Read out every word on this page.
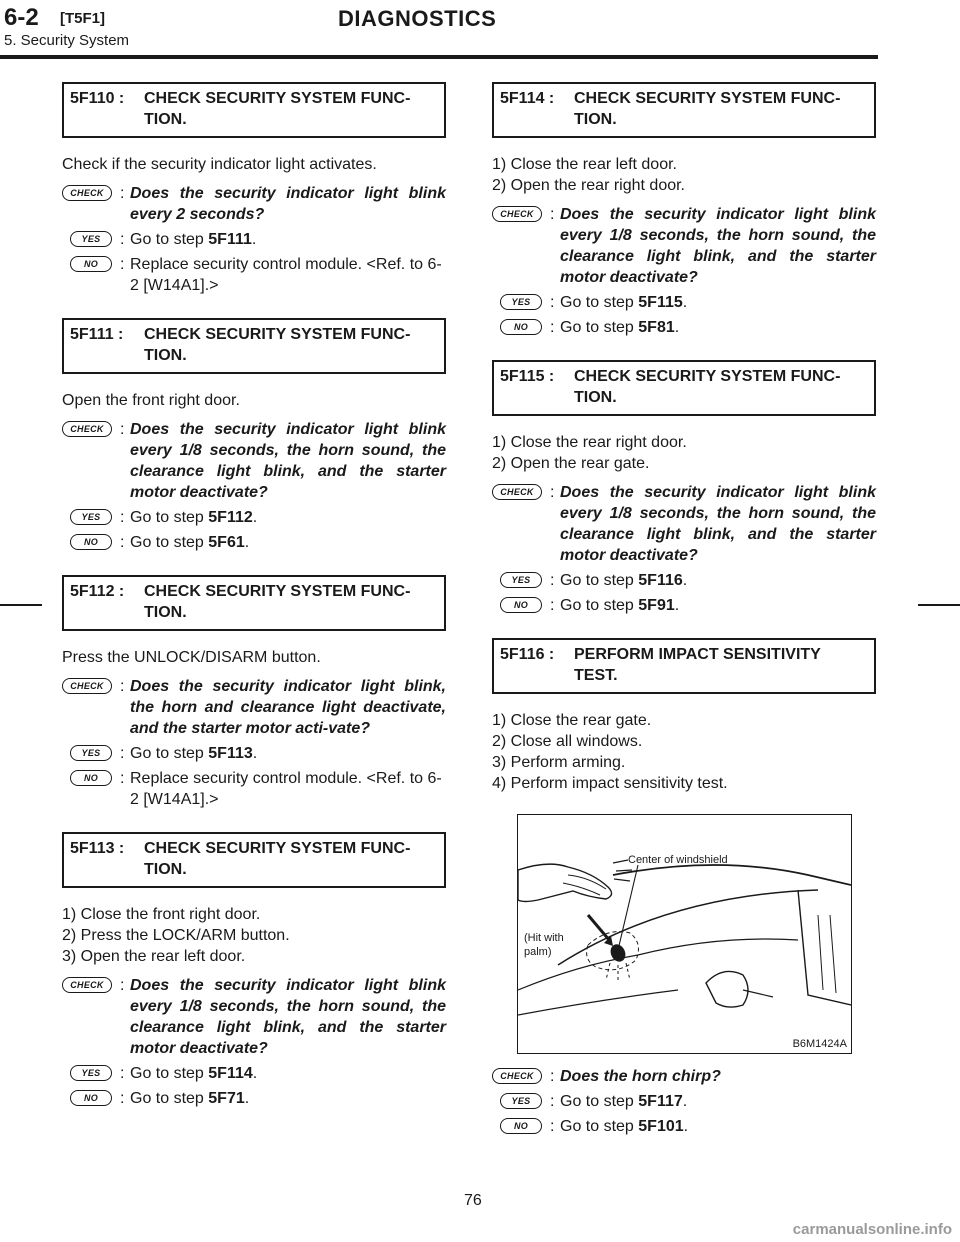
6-2 [T5F1]	DIAGNOSTICS
5. Security System
5F110 :	CHECK SECURITY SYSTEM FUNC-TION.

Check if the security indicator light activates.

CHECK	: Does the security indicator light blink every 2 seconds?
YES	: Go to step 5F111.
NO	: Replace security control module. <Ref. to 6-2 [W14A1].>
5F111 :	CHECK SECURITY SYSTEM FUNC-TION.

Open the front right door.

CHECK	: Does the security indicator light blink every 1/8 seconds, the horn sound, the clearance light blink, and the starter motor deactivate?
YES	: Go to step 5F112.
NO	: Go to step 5F61.
5F112 :	CHECK SECURITY SYSTEM FUNC-TION.

Press the UNLOCK/DISARM button.

CHECK	: Does the security indicator light blink, the horn and clearance light deactivate, and the starter motor acti-vate?
YES	: Go to step 5F113.
NO	: Replace security control module. <Ref. to 6-2 [W14A1].>
5F113 :	CHECK SECURITY SYSTEM FUNC-TION.

1) Close the front right door.

2) Press the LOCK/ARM button.

3) Open the rear left door.

CHECK	: Does the security indicator light blink every 1/8 seconds, the horn sound, the clearance light blink, and the starter motor deactivate?
YES	: Go to step 5F114.
NO	: Go to step 5F71.
5F114 :	CHECK SECURITY SYSTEM FUNC-TION.

1) Close the rear left door.

2) Open the rear right door.

CHECK	: Does the security indicator light blink every 1/8 seconds, the horn sound, the clearance light blink, and the starter motor deactivate?
YES	: Go to step 5F115.
NO	: Go to step 5F81.
5F115 :	CHECK SECURITY SYSTEM FUNC-TION.

1) Close the rear right door.

2) Open the rear gate.

CHECK	: Does the security indicator light blink every 1/8 seconds, the horn sound, the clearance light blink, and the starter motor deactivate?
YES	: Go to step 5F116.
NO	: Go to step 5F91.
5F116 :	PERFORM IMPACT SENSITIVITY TEST.

1) Close the rear gate.

2) Close all windows.

3) Perform arming.

4) Perform impact sensitivity test.

Center of windshield
(Hit with
palm)
B6M1424A
CHECK	: Does the horn chirp?
YES	: Go to step 5F117.
NO	: Go to step 5F101.
76
carmanualsonline.info
